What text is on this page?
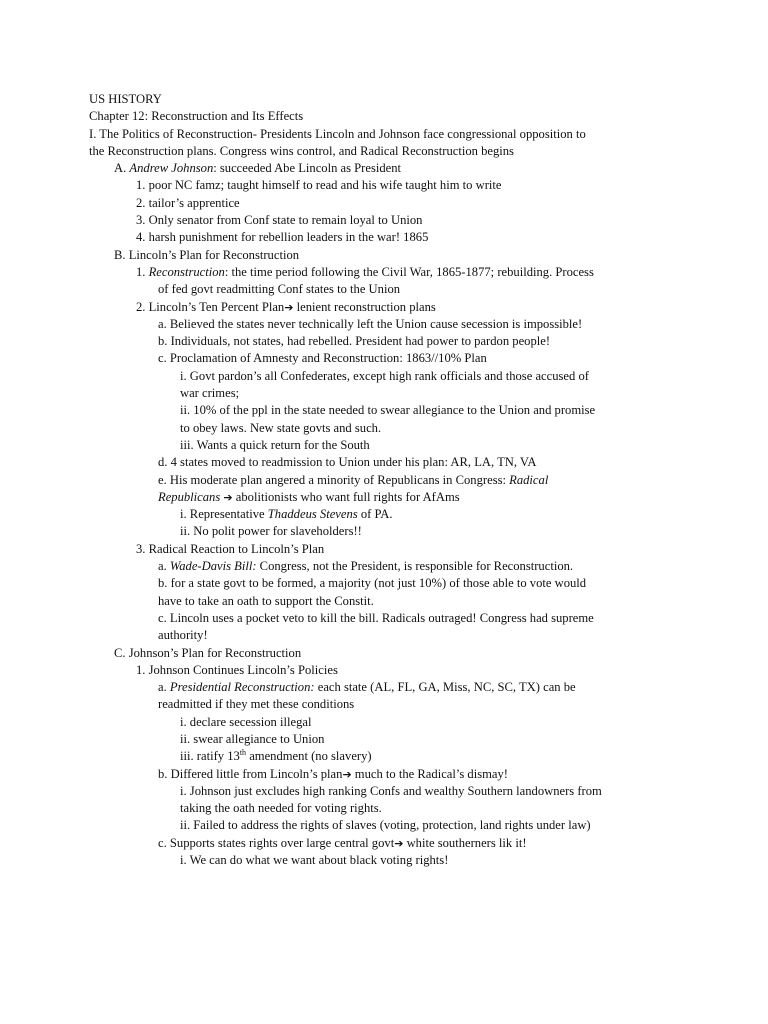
US HISTORY
Chapter 12: Reconstruction and Its Effects
I. The Politics of Reconstruction- Presidents Lincoln and Johnson face congressional opposition to
the Reconstruction plans. Congress wins control, and Radical Reconstruction begins
A. Andrew Johnson: succeeded Abe Lincoln as President
1. poor NC famz; taught himself to read and his wife taught him to write
2. tailor’s apprentice
3. Only senator from Conf state to remain loyal to Union
4. harsh punishment for rebellion leaders in the war! 1865
B. Lincoln’s Plan for Reconstruction
1. Reconstruction: the time period following the Civil War, 1865-1877; rebuilding. Process
of fed govt readmitting Conf states to the Union
2. Lincoln’s Ten Percent Plan➔ lenient reconstruction plans
a. Believed the states never technically left the Union cause secession is impossible!
b. Individuals, not states, had rebelled. President had power to pardon people!
c. Proclamation of Amnesty and Reconstruction: 1863//10% Plan
i. Govt pardon’s all Confederates, except high rank officials and those accused of
war crimes;
ii. 10% of the ppl in the state needed to swear allegiance to the Union and promise
to obey laws. New state govts and such.
iii. Wants a quick return for the South
d. 4 states moved to readmission to Union under his plan: AR, LA, TN, VA
e. His moderate plan angered a minority of Republicans in Congress: Radical
Republicans ➔ abolitionists who want full rights for AfAms
i. Representative Thaddeus Stevens of PA.
ii. No polit power for slaveholders!!
3. Radical Reaction to Lincoln’s Plan
a. Wade-Davis Bill: Congress, not the President, is responsible for Reconstruction.
b. for a state govt to be formed, a majority (not just 10%) of those able to vote would
have to take an oath to support the Constit.
c. Lincoln uses a pocket veto to kill the bill. Radicals outraged! Congress had supreme
authority!
C. Johnson’s Plan for Reconstruction
1. Johnson Continues Lincoln’s Policies
a. Presidential Reconstruction: each state (AL, FL, GA, Miss, NC, SC, TX) can be
readmitted if they met these conditions
i. declare secession illegal
ii. swear allegiance to Union
iii. ratify 13th amendment (no slavery)
b. Differed little from Lincoln’s plan➔ much to the Radical’s dismay!
i. Johnson just excludes high ranking Confs and wealthy Southern landowners from
taking the oath needed for voting rights.
ii. Failed to address the rights of slaves (voting, protection, land rights under law)
c. Supports states rights over large central govt➔ white southerners lik it!
i. We can do what we want about black voting rights!
